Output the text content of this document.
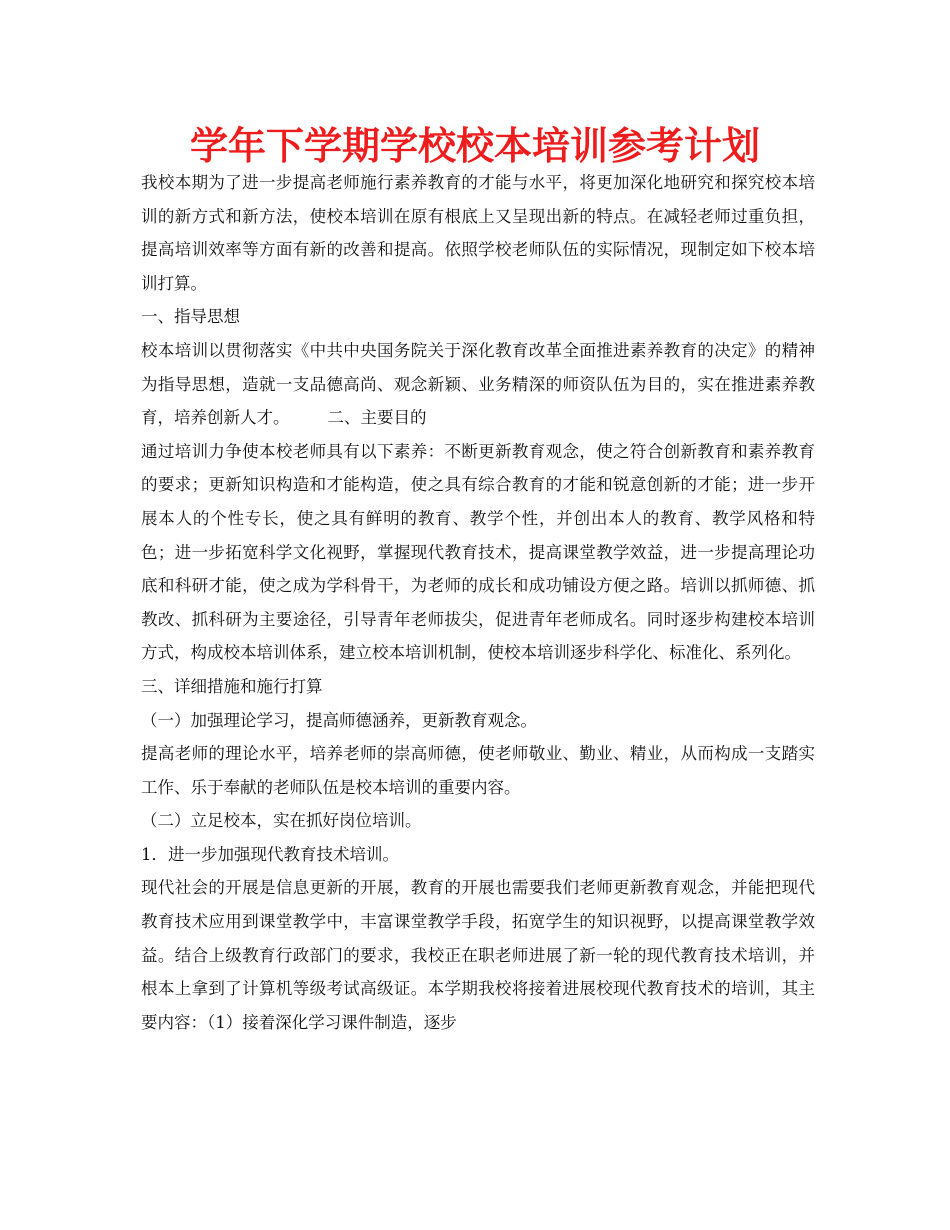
学年下学期学校校本培训参考计划

我校本期为了进一步提高老师施行素养教育的才能与水平，将更加深化地研究和探究校本培训的新方式和新方法，使校本培训在原有根底上又呈现出新的特点。在减轻老师过重负担，提高培训效率等方面有新的改善和提高。依照学校老师队伍的实际情况，现制定如下校本培训打算。

一、指导思想

校本培训以贯彻落实《中共中央国务院关于深化教育改革全面推进素养教育的决定》的精神为指导思想，造就一支品德高尚、观念新颖、业务精深的师资队伍为目的，实在推进素养教育，培养创新人才。 二、主要目的

通过培训力争使本校老师具有以下素养：不断更新教育观念，使之符合创新教育和素养教育的要求；更新知识构造和才能构造，使之具有综合教育的才能和锐意创新的才能；进一步开展本人的个性专长，使之具有鲜明的教育、教学个性，并创出本人的教育、教学风格和特色；进一步拓宽科学文化视野，掌握现代教育技术，提高课堂教学效益，进一步提高理论功底和科研才能，使之成为学科骨干，为老师的成长和成功铺设方便之路。培训以抓师德、抓教改、抓科研为主要途径，引导青年老师拔尖，促进青年老师成名。同时逐步构建校本培训方式，构成校本培训体系，建立校本培训机制，使校本培训逐步科学化、标准化、系列化。

三、详细措施和施行打算

（一）加强理论学习，提高师德涵养，更新教育观念。

提高老师的理论水平，培养老师的崇高师德，使老师敬业、勤业、精业，从而构成一支踏实工作、乐于奉献的老师队伍是校本培训的重要内容。

（二）立足校本，实在抓好岗位培训。

1．进一步加强现代教育技术培训。

现代社会的开展是信息更新的开展，教育的开展也需要我们老师更新教育观念，并能把现代教育技术应用到课堂教学中，丰富课堂教学手段，拓宽学生的知识视野，以提高课堂教学效益。结合上级教育行政部门的要求，我校正在职老师进展了新一轮的现代教育技术培训，并根本上拿到了计算机等级考试高级证。本学期我校将接着进展校现代教育技术的培训，其主要内容：（1）接着深化学习课件制造，逐步
